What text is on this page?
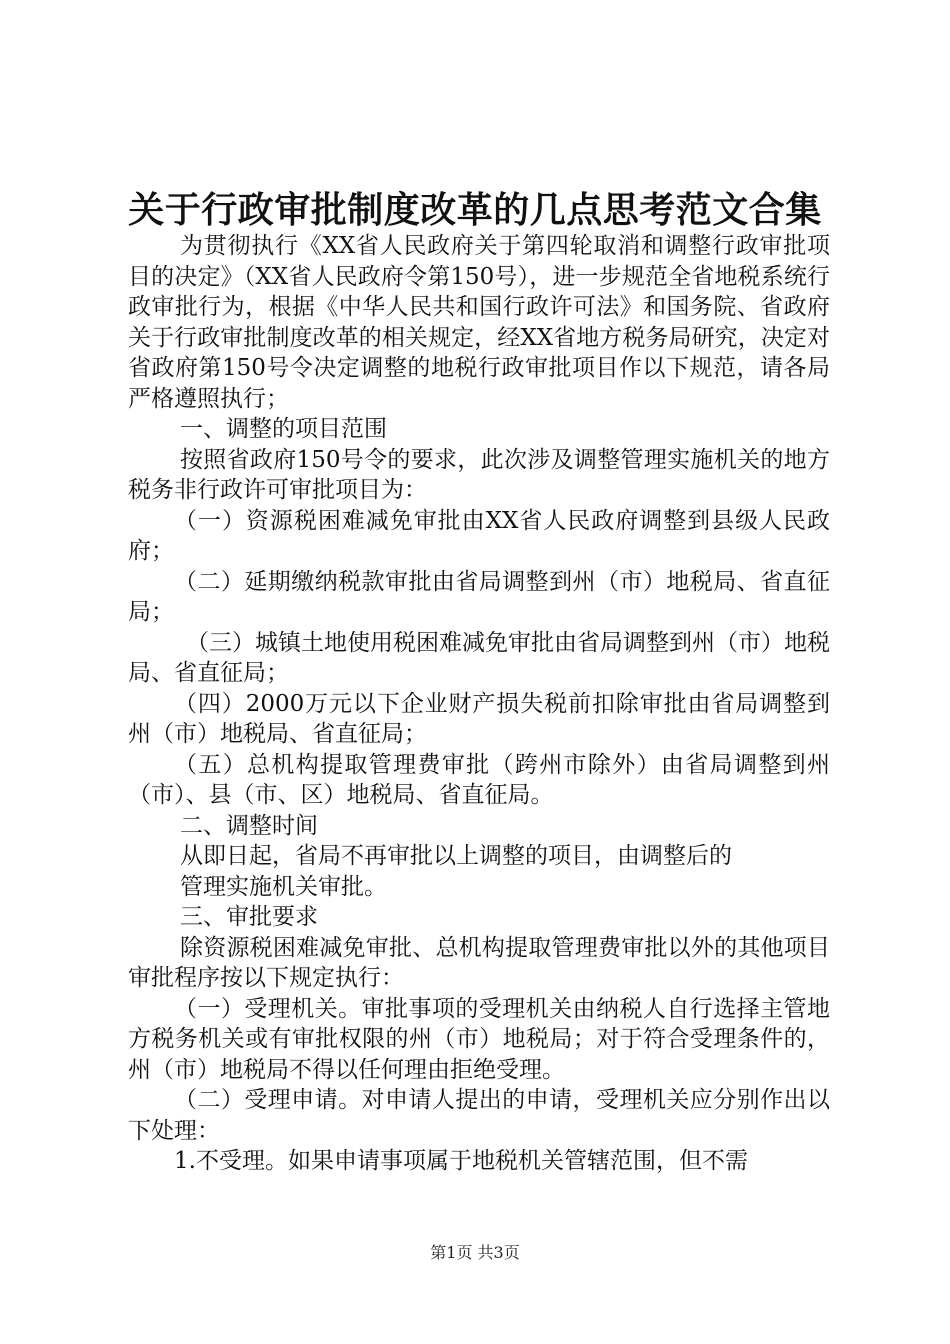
关于行政审批制度改革的几点思考范文合集

为贯彻执行《XX省人民政府关于第四轮取消和调整行政审批项目的决定》（XX省人民政府令第150号），进一步规范全省地税系统行政审批行为，根据《中华人民共和国行政许可法》和国务院、省政府关于行政审批制度改革的相关规定，经XX省地方税务局研究，决定对省政府第150号令决定调整的地税行政审批项目作以下规范，请各局严格遵照执行；

一、调整的项目范围

按照省政府150号令的要求，此次涉及调整管理实施机关的地方税务非行政许可审批项目为：

（一）资源税困难减免审批由XX省人民政府调整到县级人民政府；

（二）延期缴纳税款审批由省局调整到州（市）地税局、省直征局；

（三）城镇土地使用税困难减免审批由省局调整到州（市）地税局、省直征局；

（四）2000万元以下企业财产损失税前扣除审批由省局调整到州（市）地税局、省直征局；

（五）总机构提取管理费审批（跨州市除外）由省局调整到州（市）、县（市、区）地税局、省直征局。

二、调整时间

从即日起，省局不再审批以上调整的项目，由调整后的

管理实施机关审批。

三、审批要求

除资源税困难减免审批、总机构提取管理费审批以外的其他项目审批程序按以下规定执行：

（一）受理机关。审批事项的受理机关由纳税人自行选择主管地方税务机关或有审批权限的州（市）地税局；对于符合受理条件的，州（市）地税局不得以任何理由拒绝受理。

（二）受理申请。对申请人提出的申请，受理机关应分别作出以下处理：

1.不受理。如果申请事项属于地税机关管辖范围，但不需

第1页 共3页
